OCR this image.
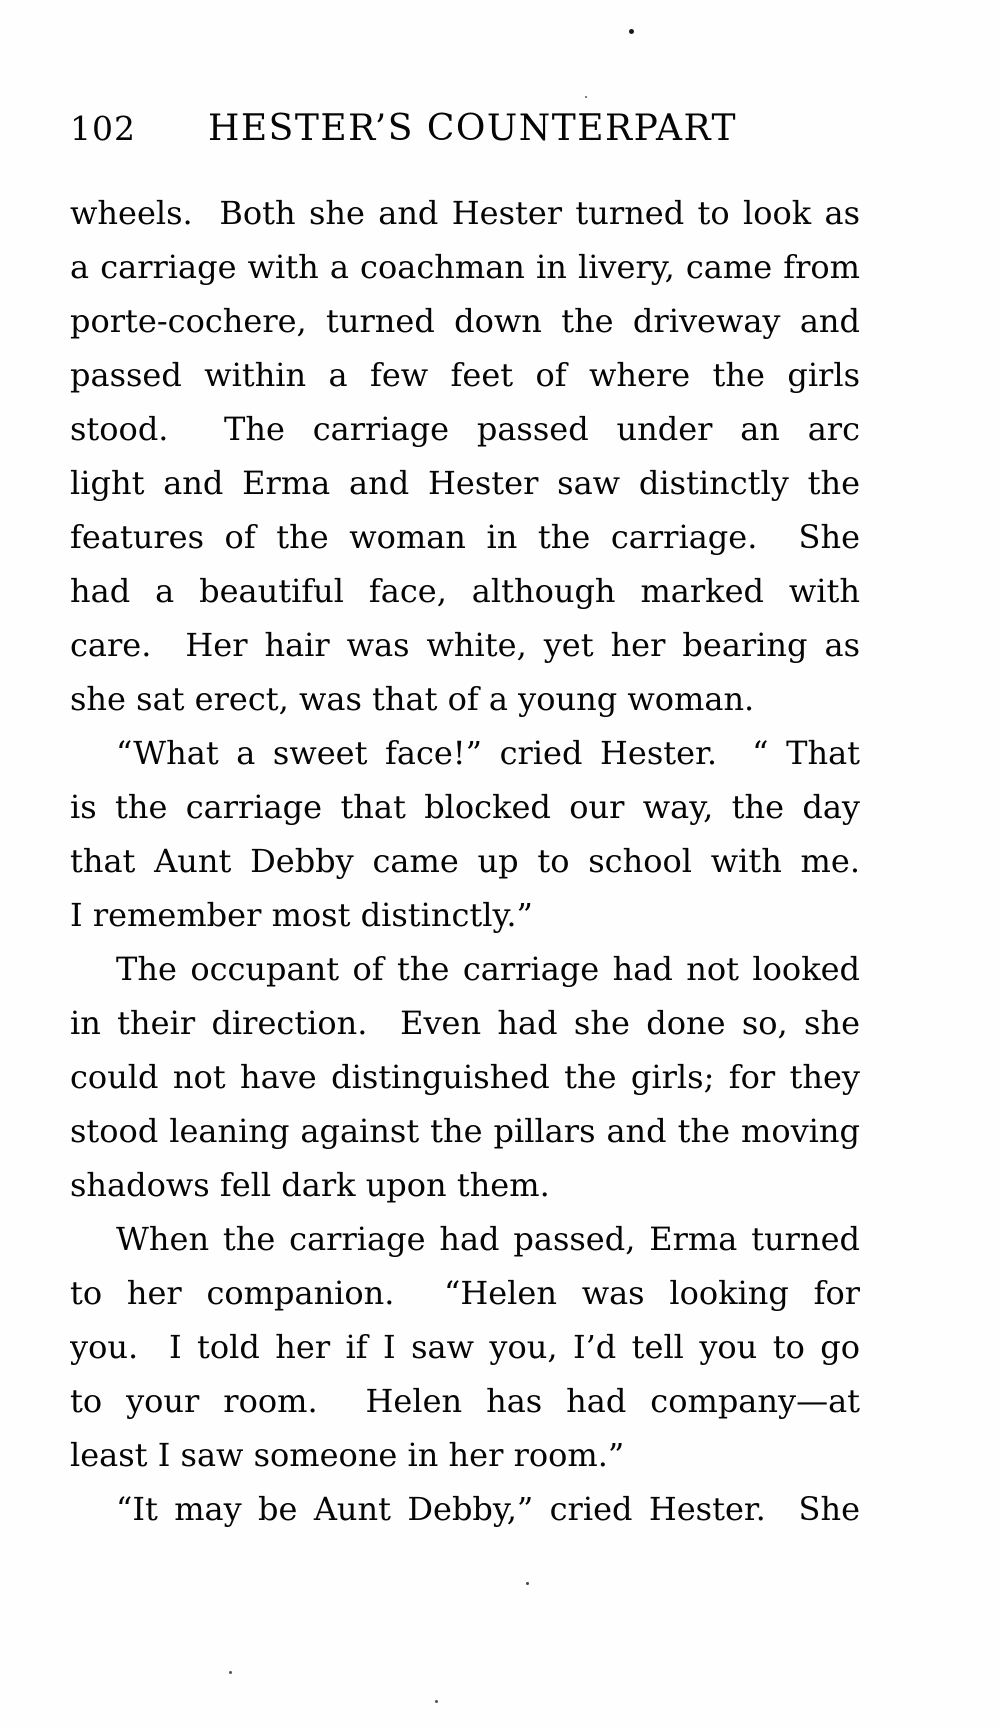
102 HESTER’S COUNTERPART
wheels.  Both she and Hester turned to look as
a carriage with a coachman in livery, came from
porte-cochere, turned down the driveway and
passed within a few feet of where the girls
stood.  The carriage passed under an arc
light and Erma and Hester saw distinctly the
features of the woman in the carriage.  She
had a beautiful face, although marked with
care.  Her hair was white, yet her bearing as
she sat erect, was that of a young woman.
“What a sweet face!” cried Hester.  “ That
is the carriage that blocked our way, the day
that Aunt Debby came up to school with me.
I remember most distinctly.”
The occupant of the carriage had not looked
in their direction.  Even had she done so, she
could not have distinguished the girls; for they
stood leaning against the pillars and the moving
shadows fell dark upon them.
When the carriage had passed, Erma turned
to her companion.  “Helen was looking for
you.  I told her if I saw you, I’d tell you to go
to your room.  Helen has had company—at
least I saw someone in her room.”
“It may be Aunt Debby,” cried Hester.  She
